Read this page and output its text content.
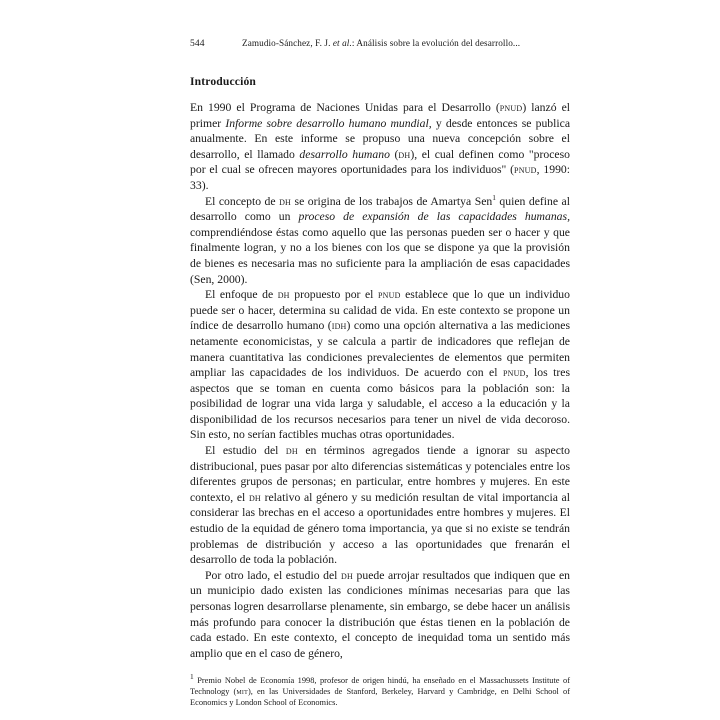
544	Zamudio-Sánchez, F. J. et al.: Análisis sobre la evolución del desarrollo...
Introducción

En 1990 el Programa de Naciones Unidas para el Desarrollo (pnud) lanzó el primer Informe sobre desarrollo humano mundial, y desde entonces se publica anualmente. En este informe se propuso una nueva concepción sobre el desarrollo, el llamado desarrollo humano (dh), el cual definen como "proceso por el cual se ofrecen mayores oportunidades para los individuos" (pnud, 1990: 33).

El concepto de dh se origina de los trabajos de Amartya Sen$^1$ quien define al desarrollo como un proceso de expansión de las capacidades humanas, comprendiéndose éstas como aquello que las personas pueden ser o hacer y que finalmente logran, y no a los bienes con los que se dispone ya que la provisión de bienes es necesaria mas no suficiente para la ampliación de esas capacidades (Sen, 2000).

El enfoque de dh propuesto por el pnud establece que lo que un individuo puede ser o hacer, determina su calidad de vida. En este contexto se propone un índice de desarrollo humano (idh) como una opción alternativa a las mediciones netamente economicistas, y se calcula a partir de indicadores que reflejan de manera cuantitativa las condiciones prevalecientes de elementos que permiten ampliar las capacidades de los individuos. De acuerdo con el pnud, los tres aspectos que se toman en cuenta como básicos para la población son: la posibilidad de lograr una vida larga y saludable, el acceso a la educación y la disponibilidad de los recursos necesarios para tener un nivel de vida decoroso. Sin esto, no serían factibles muchas otras oportunidades.

El estudio del dh en términos agregados tiende a ignorar su aspecto distribucional, pues pasar por alto diferencias sistemáticas y potenciales entre los diferentes grupos de personas; en particular, entre hombres y mujeres. En este contexto, el dh relativo al género y su medición resultan de vital importancia al considerar las brechas en el acceso a oportunidades entre hombres y mujeres. El estudio de la equidad de género toma importancia, ya que si no existe se tendrán problemas de distribución y acceso a las oportunidades que frenarán el desarrollo de toda la población.

Por otro lado, el estudio del dh puede arrojar resultados que indiquen que en un municipio dado existen las condiciones mínimas necesarias para que las personas logren desarrollarse plenamente, sin embargo, se debe hacer un análisis más profundo para conocer la distribución que éstas tienen en la población de cada estado. En este contexto, el concepto de inequidad toma un sentido más amplio que en el caso de género,

$^1$ Premio Nobel de Economía 1998, profesor de origen hindú, ha enseñado en el Massachussets Institute of Technology (mit), en las Universidades de Stanford, Berkeley, Harvard y Cambridge, en Delhi School of Economics y London School of Economics.
